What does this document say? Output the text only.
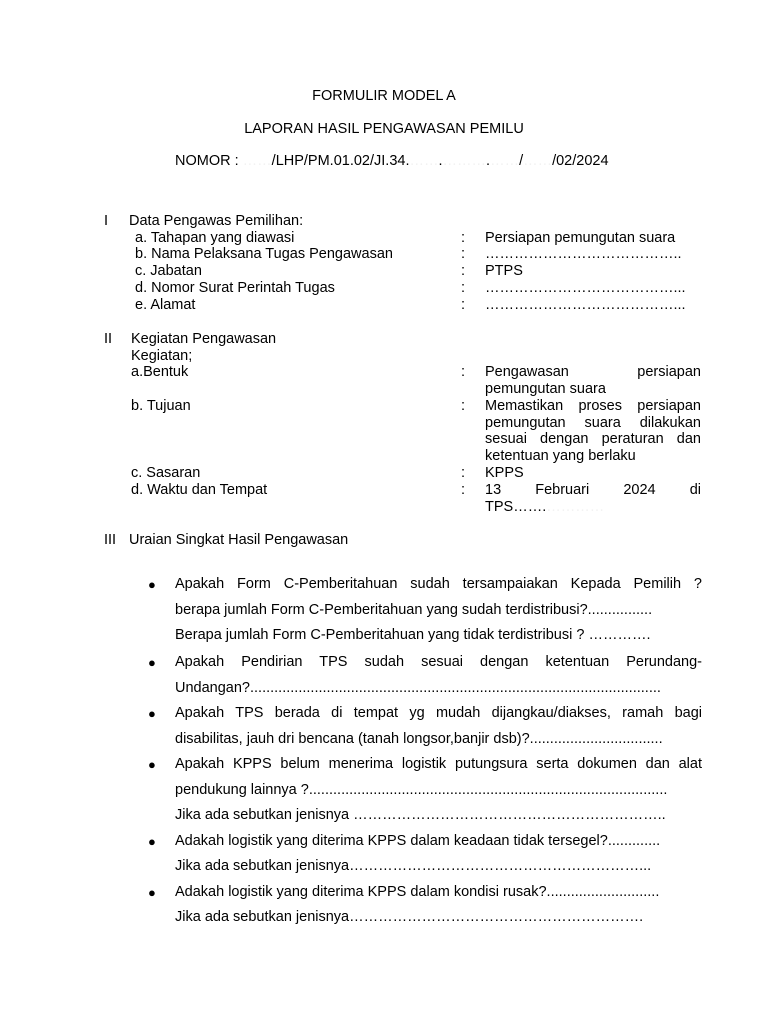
FORMULIR MODEL A
LAPORAN HASIL PENGAWASAN PEMILU
NOMOR : ……/LHP/PM.01.02/JI.34.…….……….……/……/02/2024
I Data Pengawas Pemilihan:
a. Tahapan yang diawasi	: Persiapan pemungutan suara
b. Nama Pelaksana Tugas Pengawasan	: …………………………………..
c. Jabatan	: PTPS
d. Nomor Surat Perintah Tugas	: …………………………………...
e. Alamat	: …………………………………...
II Kegiatan Pengawasan
Kegiatan;
a.Bentuk	: Pengawasan persiapan
pemungutan suara
b. Tujuan	: Memastikan proses persiapan
pemungutan suara dilakukan
sesuai dengan peraturan dan
ketentuan yang berlaku
c. Sasaran	: KPPS
d. Waktu dan Tempat	: 13 Februari 2024 di
TPS…….…………
III Uraian Singkat Hasil Pengawasan
● Apakah Form C-Pemberitahuan sudah tersampaiakan Kepada Pemilih ?
berapa jumlah Form C-Pemberitahuan yang sudah terdistribusi?................
Berapa jumlah Form C-Pemberitahuan yang tidak terdistribusi ? ………….
● Apakah Pendirian TPS sudah sesuai dengan ketentuan Perundang-
Undangan?......................................................................................................
● Apakah TPS berada di tempat yg mudah dijangkau/diakses, ramah bagi
disabilitas, jauh dri bencana (tanah longsor,banjir dsb)?.................................
● Apakah KPPS belum menerima logistik putungsura serta dokumen dan alat
pendukung lainnya ?.........................................................................................
Jika ada sebutkan jenisnya ………………………………………………………..
● Adakah logistik yang diterima KPPS dalam keadaan tidak tersegel?.............
Jika ada sebutkan jenisnya……………………………………………………...
● Adakah logistik yang diterima KPPS dalam kondisi rusak?............................
Jika ada sebutkan jenisnya…………………………………………………….
